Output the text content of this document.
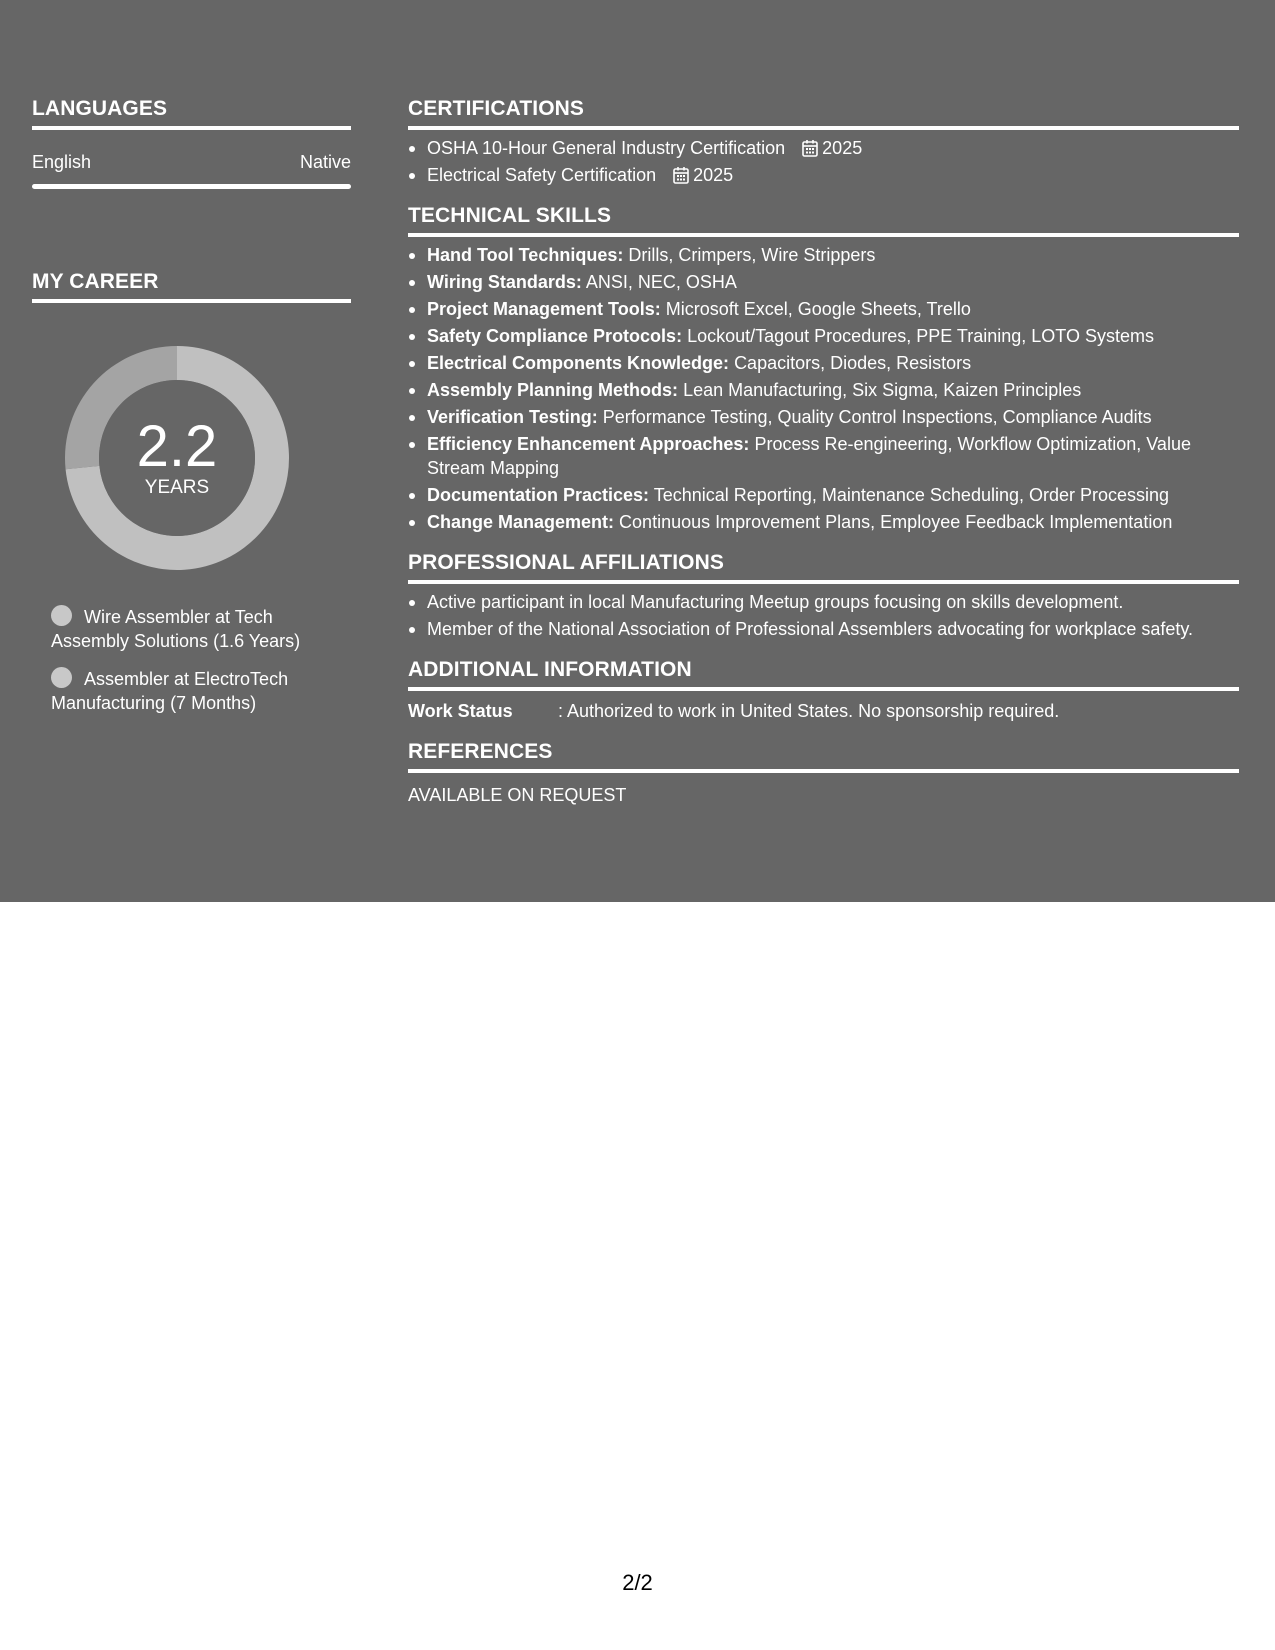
LANGUAGES
English	Native
MY CAREER
2.2
YEARS
Wire Assembler at Tech Assembly Solutions (1.6 Years)
Assembler at ElectroTech Manufacturing (7 Months)
CERTIFICATIONS
OSHA 10-Hour General Industry Certification 2025
Electrical Safety Certification 2025
TECHNICAL SKILLS
Hand Tool Techniques: Drills, Crimpers, Wire Strippers
Wiring Standards: ANSI, NEC, OSHA
Project Management Tools: Microsoft Excel, Google Sheets, Trello
Safety Compliance Protocols: Lockout/Tagout Procedures, PPE Training, LOTO Systems
Electrical Components Knowledge: Capacitors, Diodes, Resistors
Assembly Planning Methods: Lean Manufacturing, Six Sigma, Kaizen Principles
Verification Testing: Performance Testing, Quality Control Inspections, Compliance Audits
Efficiency Enhancement Approaches: Process Re-engineering, Workflow Optimization, Value Stream Mapping
Documentation Practices: Technical Reporting, Maintenance Scheduling, Order Processing
Change Management: Continuous Improvement Plans, Employee Feedback Implementation
PROFESSIONAL AFFILIATIONS
Active participant in local Manufacturing Meetup groups focusing on skills development.
Member of the National Association of Professional Assemblers advocating for workplace safety.
ADDITIONAL INFORMATION
Work Status	: Authorized to work in United States. No sponsorship required.
REFERENCES
AVAILABLE ON REQUEST
2/2
